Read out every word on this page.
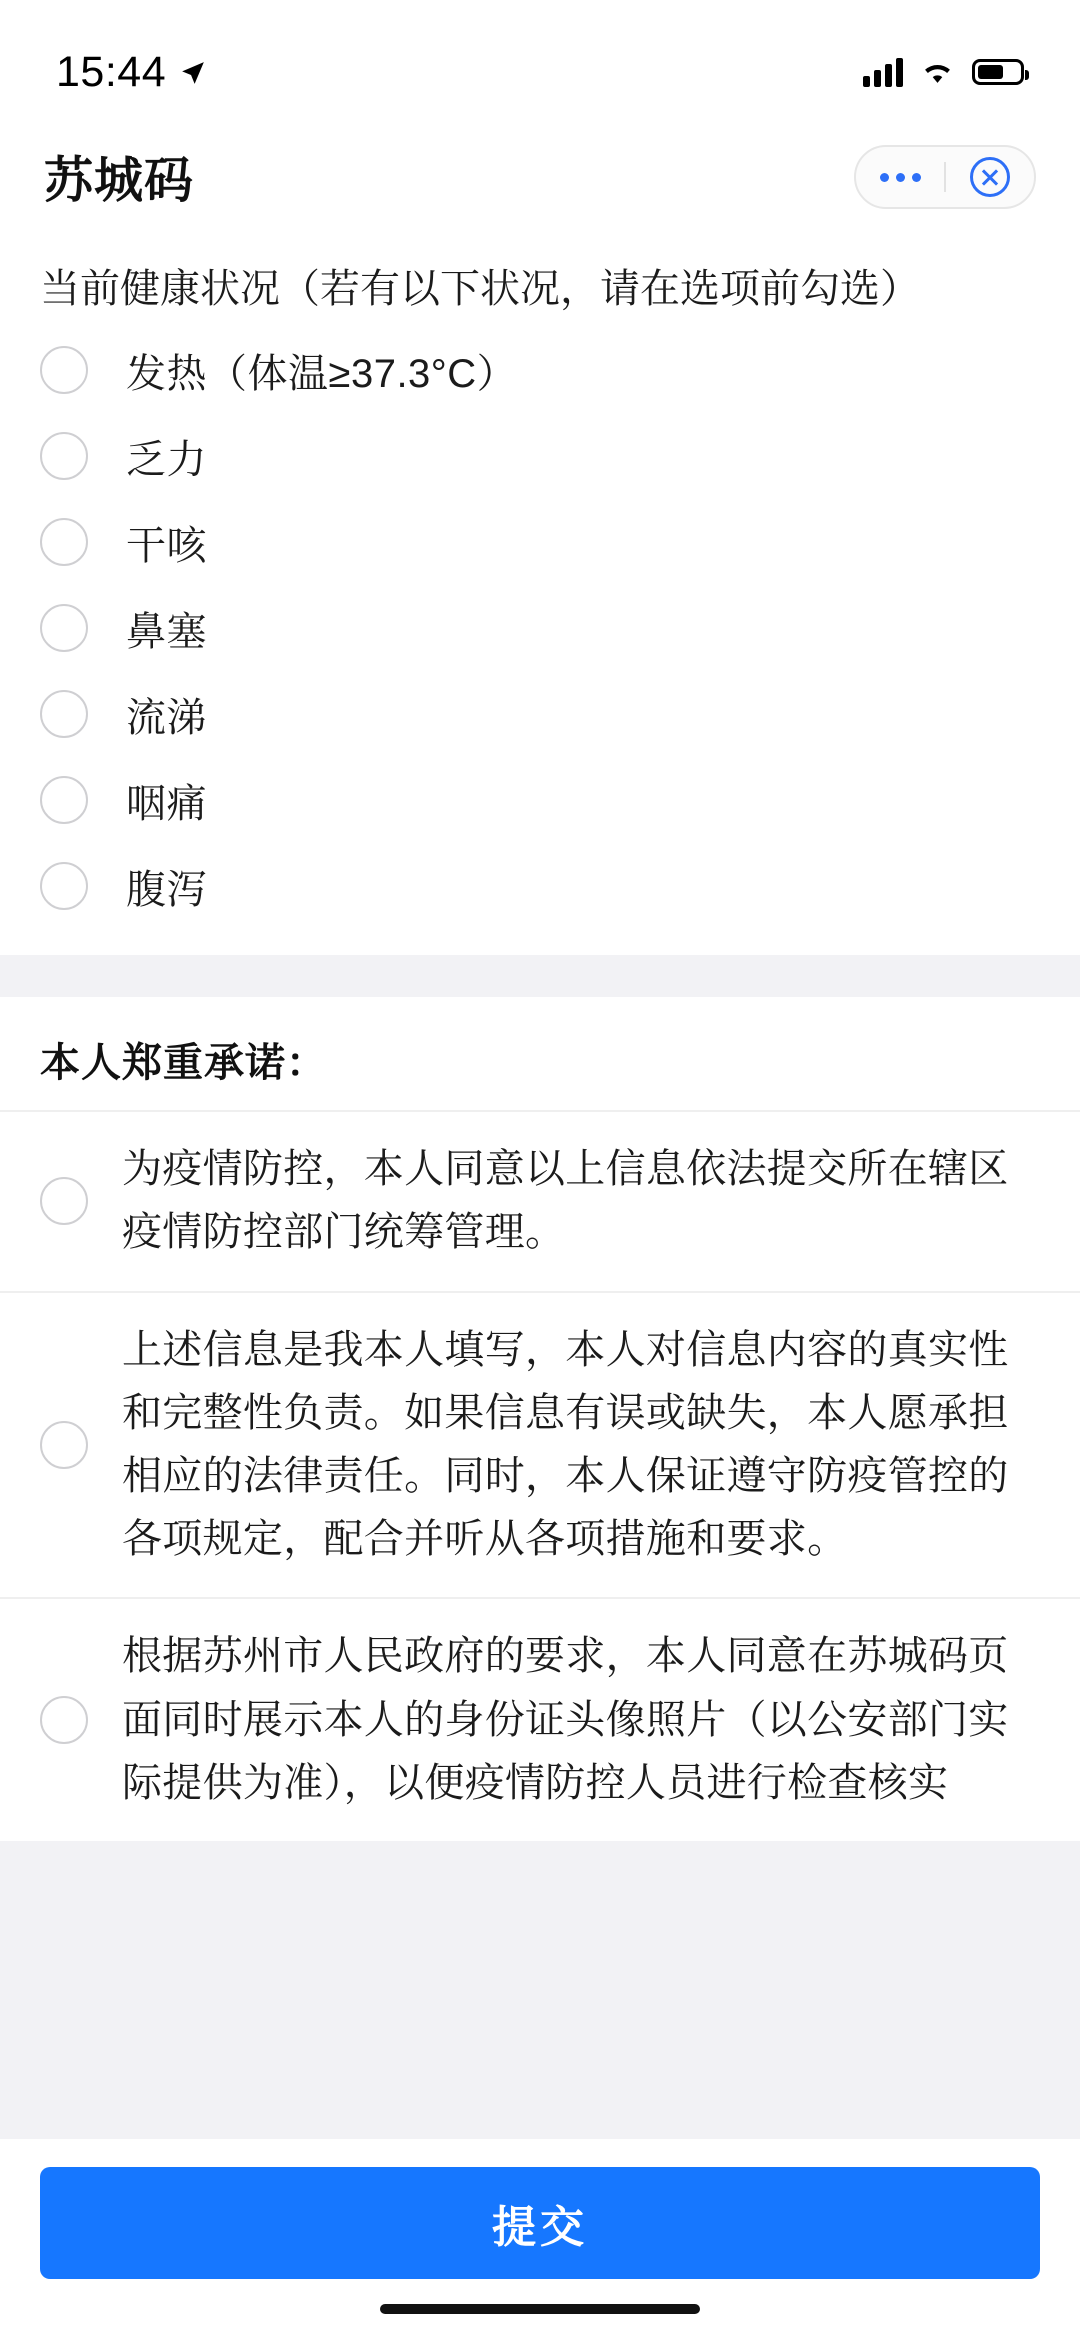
15:44
苏城码
当前健康状况（若有以下状况，请在选项前勾选）
发热（体温≥37.3°C）
乏力
干咳
鼻塞
流涕
咽痛
腹泻
本人郑重承诺：
为疫情防控，本人同意以上信息依法提交所在辖区疫情防控部门统筹管理。
上述信息是我本人填写，本人对信息内容的真实性和完整性负责。如果信息有误或缺失，本人愿承担相应的法律责任。同时，本人保证遵守防疫管控的各项规定，配合并听从各项措施和要求。
根据苏州市人民政府的要求，本人同意在苏城码页面同时展示本人的身份证头像照片（以公安部门实际提供为准），以便疫情防控人员进行检查核实
提交
